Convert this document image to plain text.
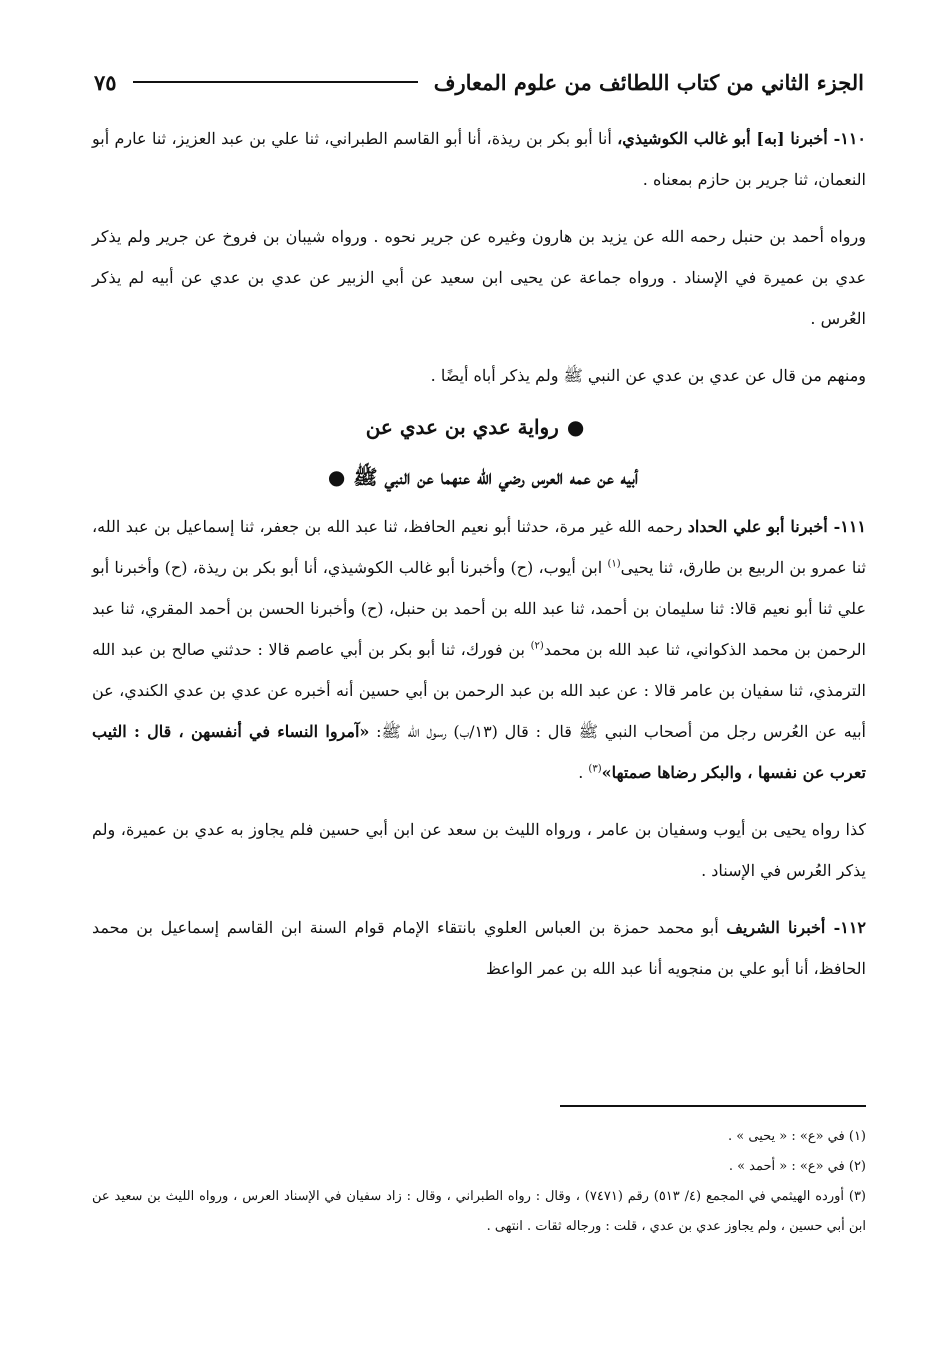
الجزء الثاني من كتاب اللطائف من علوم المعارف
٧٥

١١٠- أخبرنا [به] أبو غالب الكوشيذي، أنا أبو بكر بن ريذة، أنا أبو القاسم الطبراني، ثنا علي بن عبد العزيز، ثنا عارم أبو النعمان، ثنا جرير بن حازم بمعناه .

ورواه أحمد بن حنبل رحمه الله عن يزيد بن هارون وغيره عن جرير نحوه . ورواه شيبان بن فروخ عن جرير ولم يذكر عدي بن عميرة في الإسناد . ورواه جماعة عن يحيى ابن سعيد عن أبي الزبير عن عدي بن عدي عن أبيه لم يذكر العُرس .

ومنهم من قال عن عدي بن عدي عن النبي ﷺ ولم يذكر أباه أيضًا .

●رواية عدي بن عدي عن
أبيه عن عمه العرس رضي الله عنهما عن النبي ﷺ●

١١١- أخبرنا أبو علي الحداد رحمه الله غير مرة، حدثنا أبو نعيم الحافظ، ثنا عبد الله بن جعفر، ثنا إسماعيل بن عبد الله، ثنا عمرو بن الربيع بن طارق، ثنا يحيى$^{(١)}$ ابن أيوب، (ح) وأخبرنا أبو غالب الكوشيذي، أنا أبو بكر بن ريذة، (ح) وأخبرنا أبو علي ثنا أبو نعيم قالا: ثنا سليمان بن أحمد، ثنا عبد الله بن أحمد بن حنبل، (ح) وأخبرنا الحسن بن أحمد المقري، ثنا عبد الرحمن بن محمد الذكواني، ثنا عبد الله بن محمد$^{(٢)}$ بن فورك، ثنا أبو بكر بن أبي عاصم قالا : حدثني صالح بن عبد الله الترمذي، ثنا سفيان بن عامر قالا : عن عبد الله بن عبد الرحمن بن أبي حسين أنه أخبره عن عدي بن عدي الكندي، عن أبيه عن العُرس رجل من أصحاب النبي ﷺ قال : قال (١٣/ب) رسول الله ﷺ: «آمروا النساء في أنفسهن ، قال : الثيب تعرب عن نفسها ، والبكر رضاها صمتها»$^{(٣)}$ .

كذا رواه يحيى بن أيوب وسفيان بن عامر ، ورواه الليث بن سعد عن ابن أبي حسين فلم يجاوز به عدي بن عميرة، ولم يذكر العُرس في الإسناد .

١١٢- أخبرنا الشريف أبو محمد حمزة بن العباس العلوي بانتقاء الإمام قوام السنة ابن القاسم إسماعيل بن محمد الحافظ، أنا أبو علي بن منجويه أنا عبد الله بن عمر الواعظ

(١) في «ع» : « يحيى » .

(٢) في «ع» : « أحمد » .

(٣) أورده الهيثمي في المجمع (٤/ ٥١٣) رقم (٧٤٧١) ، وقال : رواه الطبراني ، وقال : زاد سفيان في الإسناد العرس ، ورواه الليث بن سعيد عن ابن أبي حسين ، ولم يجاوز عدي بن عدي ، قلت : ورجاله ثقات . انتهى .
